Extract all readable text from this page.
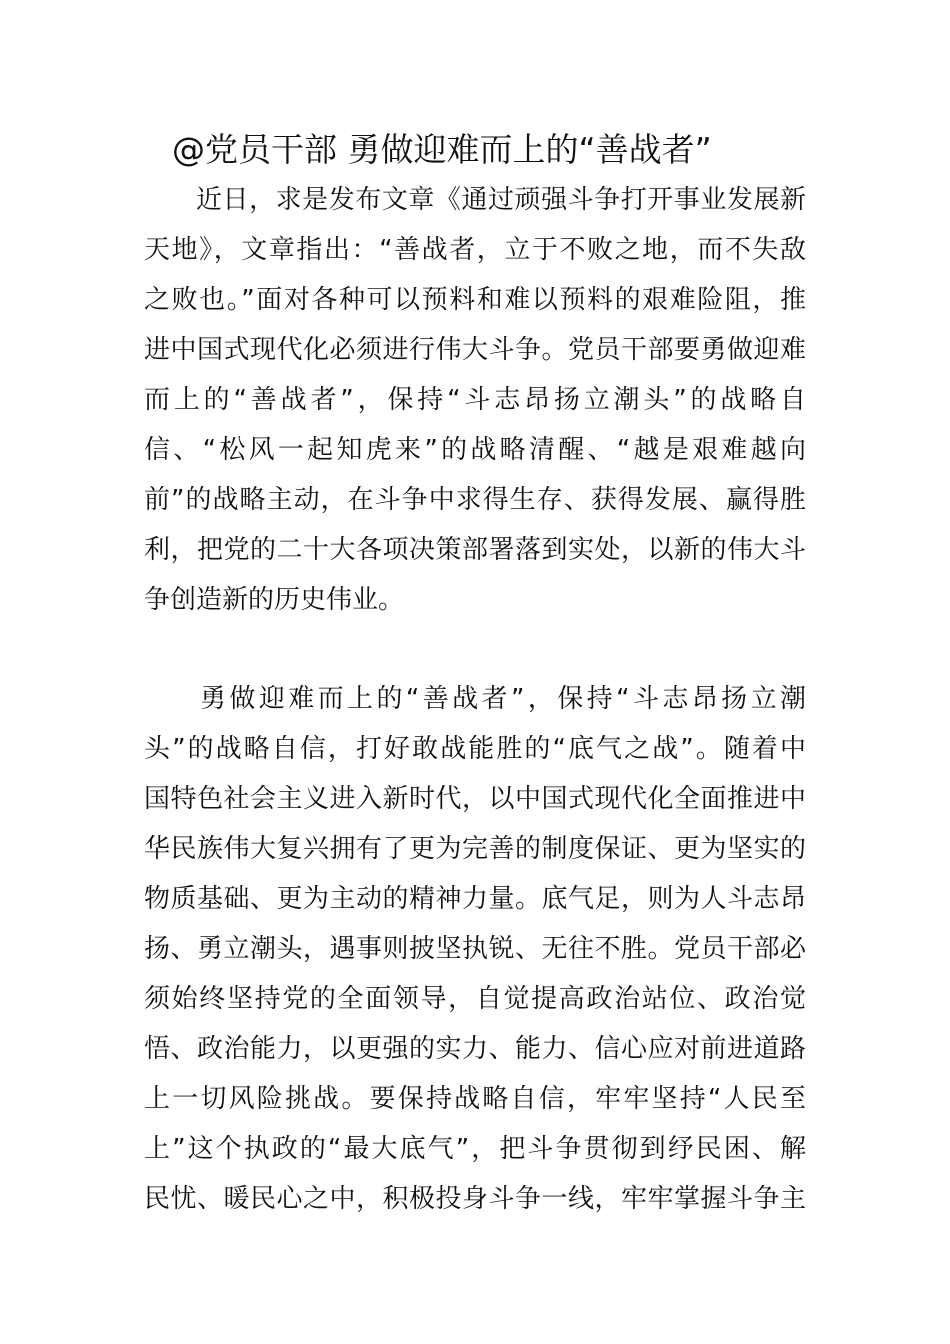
@党员干部 勇做迎难而上的“善战者”
近日，求是发布文章《通过顽强斗争打开事业发展新
天地》，文章指出：“善战者，立于不败之地，而不失敌
之败也。”面对各种可以预料和难以预料的艰难险阻，推
进中国式现代化必须进行伟大斗争。党员干部要勇做迎难
而上的“善战者”，保持“斗志昂扬立潮头”的战略自
信、“松风一起知虎来”的战略清醒、“越是艰难越向
前”的战略主动，在斗争中求得生存、获得发展、赢得胜
利，把党的二十大各项决策部署落到实处，以新的伟大斗
争创造新的历史伟业。
勇做迎难而上的“善战者”，保持“斗志昂扬立潮
头”的战略自信，打好敢战能胜的“底气之战”。随着中
国特色社会主义进入新时代，以中国式现代化全面推进中
华民族伟大复兴拥有了更为完善的制度保证、更为坚实的
物质基础、更为主动的精神力量。底气足，则为人斗志昂
扬、勇立潮头，遇事则披坚执锐、无往不胜。党员干部必
须始终坚持党的全面领导，自觉提高政治站位、政治觉
悟、政治能力，以更强的实力、能力、信心应对前进道路
上一切风险挑战。要保持战略自信，牢牢坚持“人民至
上”这个执政的“最大底气”，把斗争贯彻到纾民困、解
民忧、暖民心之中，积极投身斗争一线，牢牢掌握斗争主
